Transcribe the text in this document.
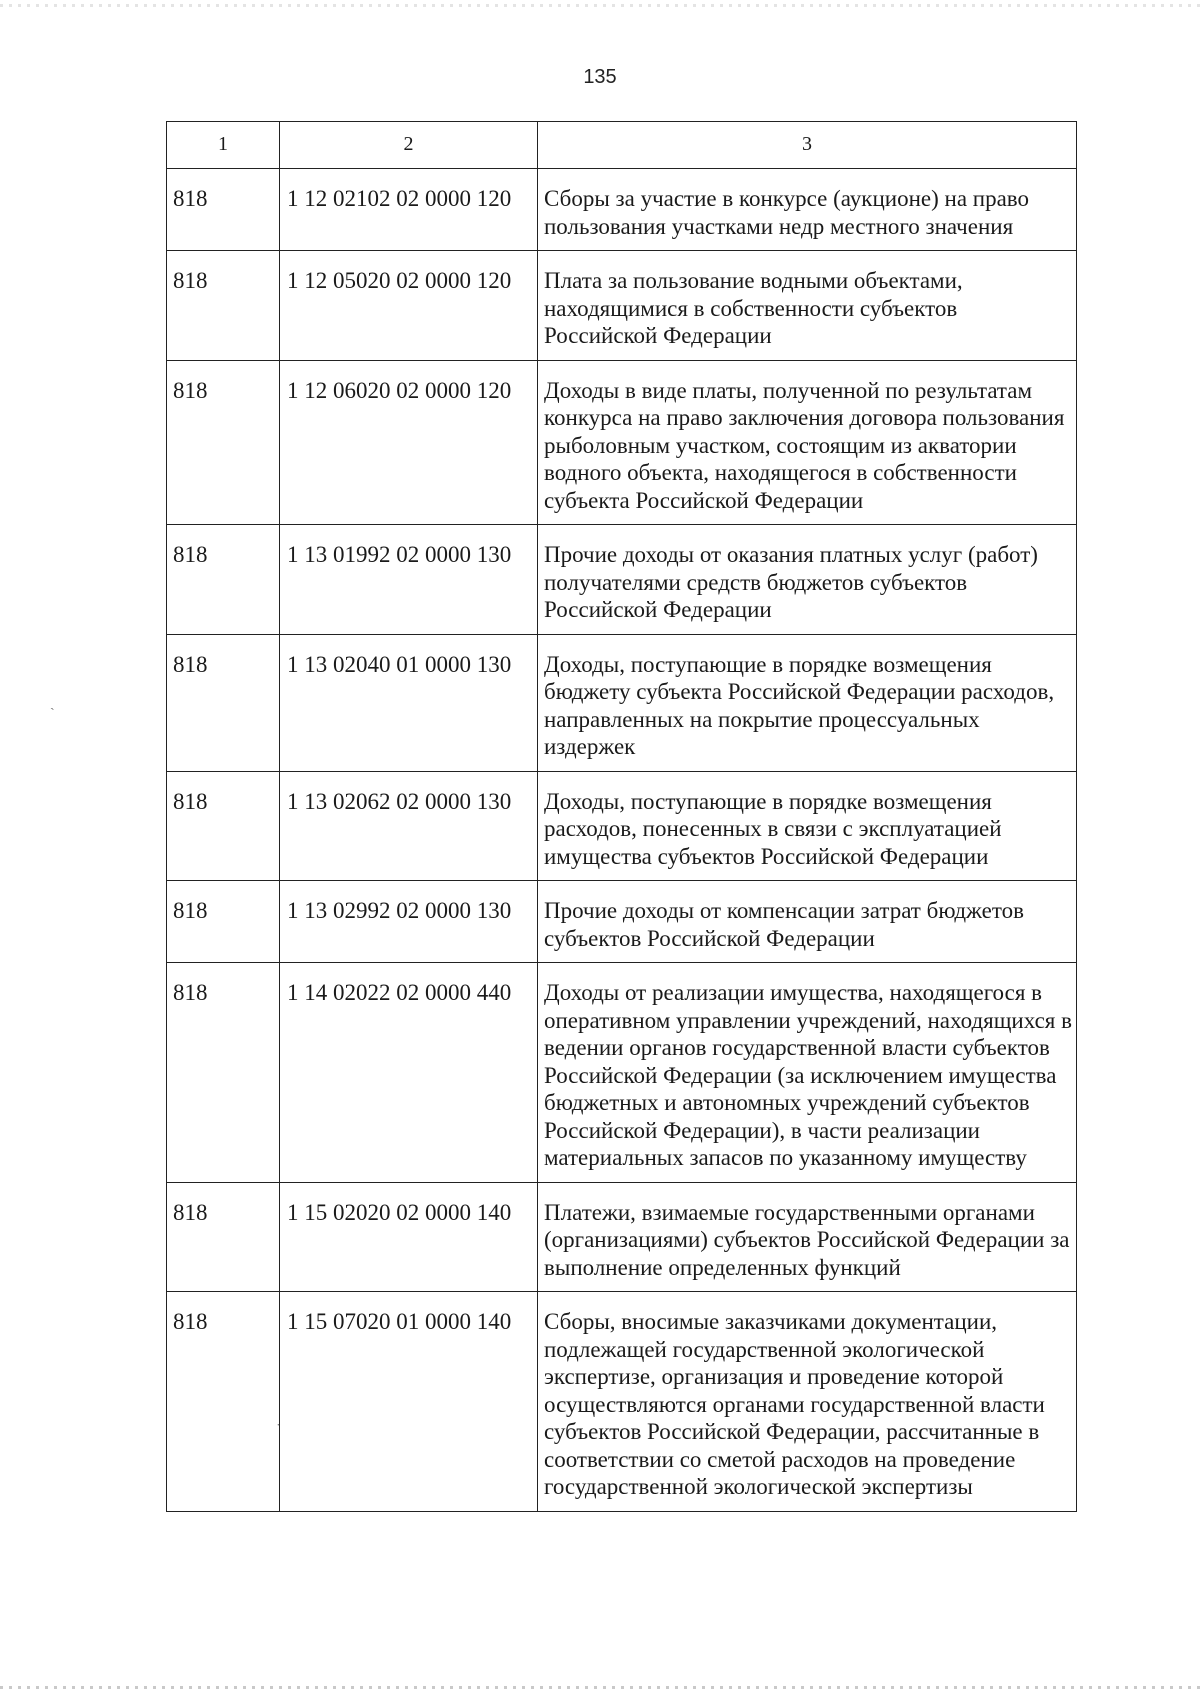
135
1	2	3
818	1 12 02102 02 0000 120	Сборы за участие в конкурсе (аукционе) на право пользования участками недр местного значения
818	1 12 05020 02 0000 120	Плата за пользование водными объектами, находящимися в собственности субъектов Российской Федерации
818	1 12 06020 02 0000 120	Доходы в виде платы, полученной по результатам конкурса на право заключения договора пользования рыболовным участком, состоящим из акватории водного объекта, находящегося в собственности субъекта Российской Федерации
818	1 13 01992 02 0000 130	Прочие доходы от оказания платных услуг (работ) получателями средств бюджетов субъектов Российской Федерации
818	1 13 02040 01 0000 130	Доходы, поступающие в порядке возмещения бюджету субъекта Российской Федерации расходов, направленных на покрытие процессуальных издержек
818	1 13 02062 02 0000 130	Доходы, поступающие в порядке возмещения расходов, понесенных в связи с эксплуатацией имущества субъектов Российской Федерации
818	1 13 02992 02 0000 130	Прочие доходы от компенсации затрат бюджетов субъектов Российской Федерации
818	1 14 02022 02 0000 440	Доходы от реализации имущества, находящегося в оперативном управлении учреждений, находящихся в ведении органов государственной власти субъектов Российской Федерации (за исключением имущества бюджетных и автономных учреждений субъектов Российской Федерации), в части реализации материальных запасов по указанному имуществу
818	1 15 02020 02 0000 140	Платежи, взимаемые государственными органами (организациями) субъектов Российской Федерации за выполнение определенных функций
818	1 15 07020 01 0000 140	Сборы, вносимые заказчиками документации, подлежащей государственной экологической экспертизе, организация и проведение которой осуществляются органами государственной власти субъектов Российской Федерации, рассчитанные в соответствии со сметой расходов на проведение государственной экологической экспертизы
˙
ˏ
